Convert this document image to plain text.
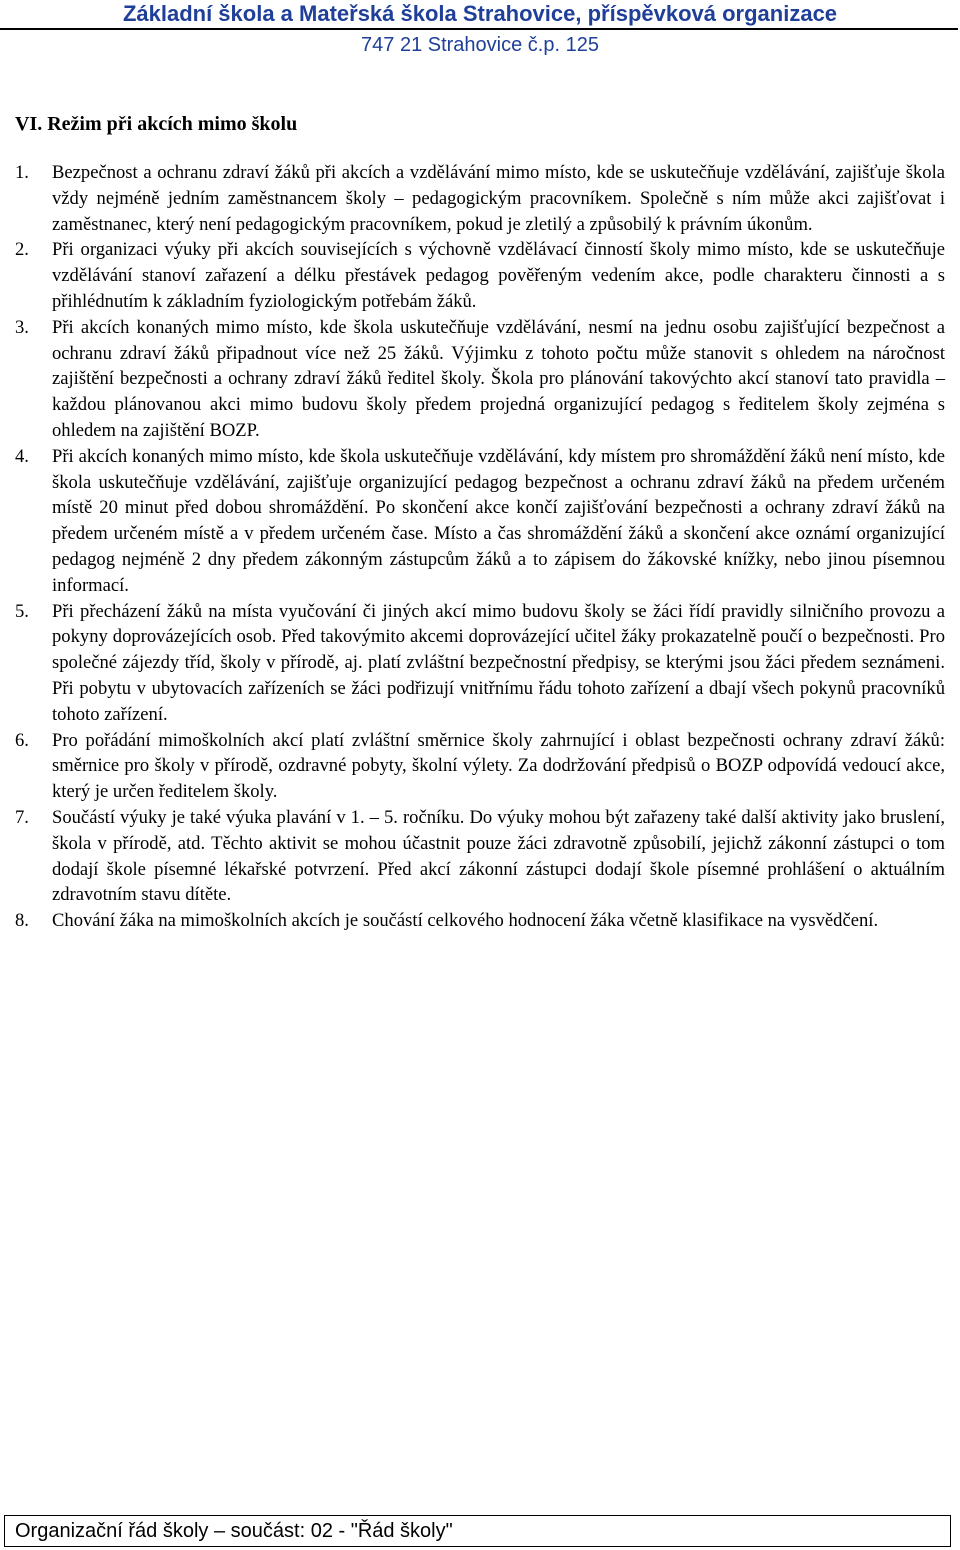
Základní škola a Mateřská škola Strahovice, příspěvková organizace
747 21 Strahovice č.p. 125
VI. Režim při akcích mimo školu
1. Bezpečnost a ochranu zdraví žáků při akcích a vzdělávání mimo místo, kde se uskutečňuje vzdělávání, zajišťuje škola vždy nejméně jedním zaměstnancem školy – pedagogickým pracovníkem. Společně s ním může akci zajišťovat i zaměstnanec, který není pedagogickým pracovníkem, pokud je zletilý a způsobilý k právním úkonům.
2. Při organizaci výuky při akcích souvisejících s výchovně vzdělávací činností školy mimo místo, kde se uskutečňuje vzdělávání stanoví zařazení a délku přestávek pedagog pověřeným vedením akce, podle charakteru činnosti a s přihlédnutím k základním fyziologickým potřebám žáků.
3. Při akcích konaných mimo místo, kde škola uskutečňuje vzdělávání, nesmí na jednu osobu zajišťující bezpečnost a ochranu zdraví žáků připadnout více než 25 žáků. Výjimku z tohoto počtu může stanovit s ohledem na náročnost zajištění bezpečnosti a ochrany zdraví žáků ředitel školy. Škola pro plánování takovýchto akcí stanoví tato pravidla – každou plánovanou akci mimo budovu školy předem projedná organizující pedagog s ředitelem školy zejména s ohledem na zajištění BOZP.
4. Při akcích konaných mimo místo, kde škola uskutečňuje vzdělávání, kdy místem pro shromáždění žáků není místo, kde škola uskutečňuje vzdělávání, zajišťuje organizující pedagog bezpečnost a ochranu zdraví žáků na předem určeném místě 20 minut před dobou shromáždění. Po skončení akce končí zajišťování bezpečnosti a ochrany zdraví žáků na předem určeném místě a v předem určeném čase. Místo a čas shromáždění žáků a skončení akce oznámí organizující pedagog nejméně 2 dny předem zákonným zástupcům žáků a to zápisem do žákovské knížky, nebo jinou písemnou informací.
5. Při přecházení žáků na místa vyučování či jiných akcí mimo budovu školy se žáci řídí pravidly silničního provozu a pokyny doprovázejících osob. Před takovýmito akcemi doprovázející učitel žáky prokazatelně poučí o bezpečnosti. Pro společné zájezdy tříd, školy v přírodě, aj. platí zvláštní bezpečnostní předpisy, se kterými jsou žáci předem seznámeni. Při pobytu v ubytovacích zařízeních se žáci podřizují vnitřnímu řádu tohoto zařízení a dbají všech pokynů pracovníků tohoto zařízení.
6. Pro pořádání mimoškolních akcí platí zvláštní směrnice školy zahrnující i oblast bezpečnosti ochrany zdraví žáků: směrnice pro školy v přírodě, ozdravné pobyty, školní výlety. Za dodržování předpisů o BOZP odpovídá vedoucí akce, který je určen ředitelem školy.
7. Součástí výuky je také výuka plavání v 1. – 5. ročníku. Do výuky mohou být zařazeny také další aktivity jako bruslení, škola v přírodě, atd. Těchto aktivit se mohou účastnit pouze žáci zdravotně způsobilí, jejichž zákonní zástupci o tom dodají škole písemné lékařské potvrzení. Před akcí zákonní zástupci dodají škole písemné prohlášení o aktuálním zdravotním stavu dítěte.
8. Chování žáka na mimoškolních akcích je součástí celkového hodnocení žáka včetně klasifikace na vysvědčení.
Organizační řád školy – součást: 02 - "Řád školy"
